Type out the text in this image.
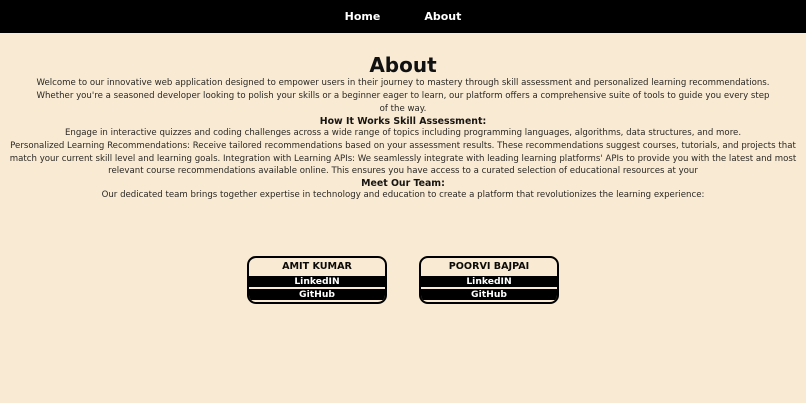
Home	About
About

Welcome to our innovative web application designed to empower users in their journey to mastery through skill assessment and personalized learning recommendations. Whether you're a seasoned developer looking to polish your skills or a beginner eager to learn, our platform offers a comprehensive suite of tools to guide you every step of the way.

How It Works Skill Assessment:

Engage in interactive quizzes and coding challenges across a wide range of topics including programming languages, algorithms, data structures, and more.

Personalized Learning Recommendations: Receive tailored recommendations based on your assessment results. These recommendations suggest courses, tutorials, and projects that match your current skill level and learning goals. Integration with Learning APIs: We seamlessly integrate with leading learning platforms' APIs to provide you with the latest and most relevant course recommendations available online. This ensures you have access to a curated selection of educational resources at your

Meet Our Team:

Our dedicated team brings together expertise in technology and education to create a platform that revolutionizes the learning experience:

AMIT KUMAR
LinkedIN
GitHub
POORVI BAJPAI
LinkedIN
GitHub
